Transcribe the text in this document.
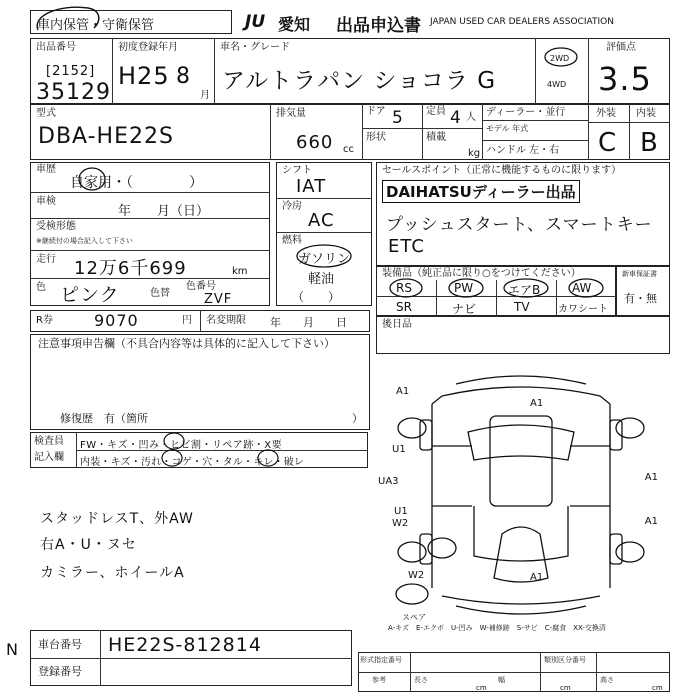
車内保管・守衛保管	JU 愛知 出品申込書 JAPAN USED CAR DEALERS ASSOCIATION
出品番号
[2152]
35129
初度登録年月
H25 8
月
車名・グレード
アルトラパン ショコラ G
2WD
4WD
評価点
3.5
型式
DBA-HE22S
排気量
660 cc
ドア 5 定員 4 人
形状	積載
kg
ディーラー・並行
モデル 年式
ハンドル 左・右
外装 内装
C B
車歴
自家用・（　　　　）
車検
年　　月（日）
受検形態
※継続付の場合記入して下さい
走行 12万6千699	km
色 ピンク	色替
色番号
ZVF
R券	9070	円 名変期限 年　　月　　日
注意事項申告欄（不具合内容等は具体的に記入して下さい）
修復歴　有（箇所	）
シフト
IAT
冷房
AC
燃料
ガソリン
軽油
（　　）
セールスポイント（正常に機能するものに限ります）
DAIHATSUディーラー出品
プッシュスタート、スマートキー
ETC
装備品（純正品に限り○をつけてください）
RS	PW	エアB	AW
SR	ナビ	TV	カワシート
新車保証書
有・無
後日品
検査員
記入欄
FW・キズ・凹み・ヒビ割・リペア跡・X要
内装・キズ・汚れ・コゲ・穴・タル・キレ・破レ
スタッドレスT、外AW
右A・U・ヌセ
カミラー、ホイールA
A1
A1
U1
UA3
U1
W2
A1
A1
W2	A1
スペア
A-キズ　E-エクボ　U-凹み　W-補修跡　S-サビ　C-腐食　XX-交換済
N 車台番号 HE22S-812814
登録番号
形式指定番号	類別区分番号
参考	長さ
cm
幅
cm
高さ
cm
